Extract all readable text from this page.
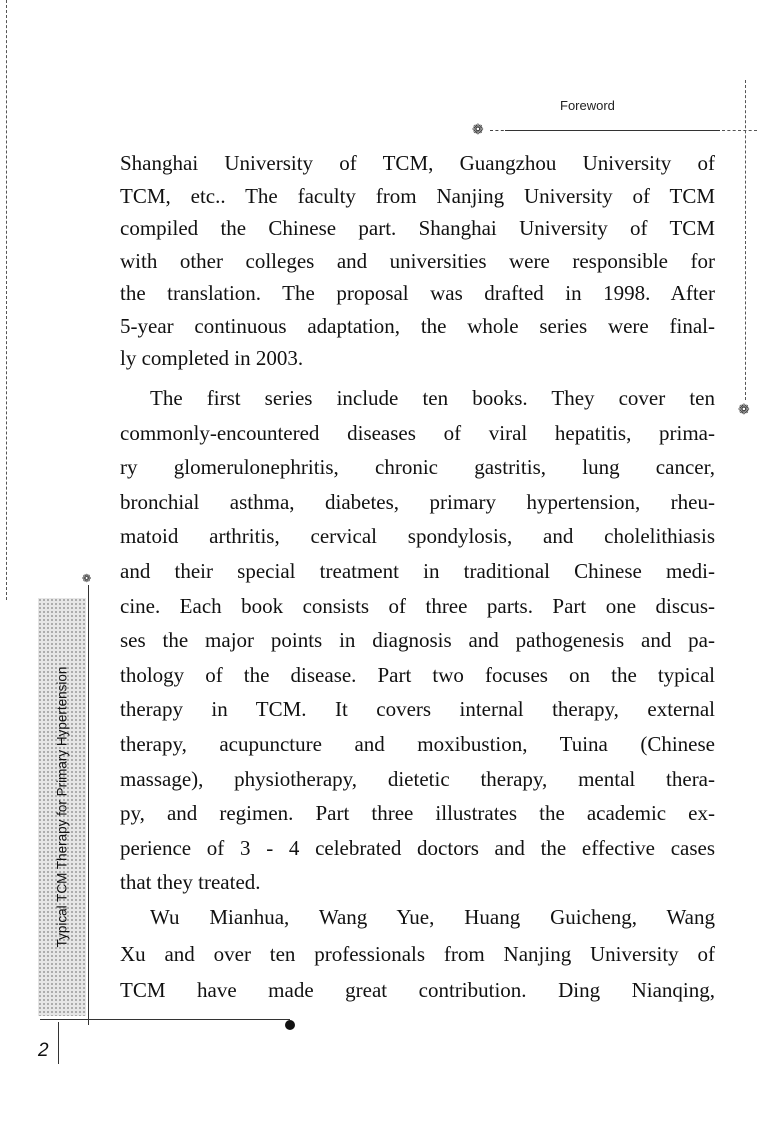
Foreword
❁
❁
❁
Shanghai University of TCM, Guangzhou University of
TCM, etc.. The faculty from Nanjing University of TCM
compiled the Chinese part. Shanghai University of TCM
with other colleges and universities were responsible for
the translation. The proposal was drafted in 1998. After
5-year continuous adaptation, the whole series were final-
ly completed in 2003.
The first series include ten books. They cover ten
commonly-encountered diseases of viral hepatitis, prima-
ry glomerulonephritis, chronic gastritis, lung cancer,
bronchial asthma, diabetes, primary hypertension, rheu-
matoid arthritis, cervical spondylosis, and cholelithiasis
and their special treatment in traditional Chinese medi-
cine. Each book consists of three parts. Part one discus-
ses the major points in diagnosis and pathogenesis and pa-
thology of the disease. Part two focuses on the typical
therapy in TCM. It covers internal therapy, external
therapy, acupuncture and moxibustion, Tuina (Chinese
massage), physiotherapy, dietetic therapy, mental thera-
py, and regimen. Part three illustrates the academic ex-
perience of 3 - 4 celebrated doctors and the effective cases
that they treated.
Wu Mianhua, Wang Yue, Huang Guicheng, Wang
Xu and over ten professionals from Nanjing University of
TCM have made great contribution. Ding Nianqing,
Typical TCM Therapy for Primary Hypertension
2
